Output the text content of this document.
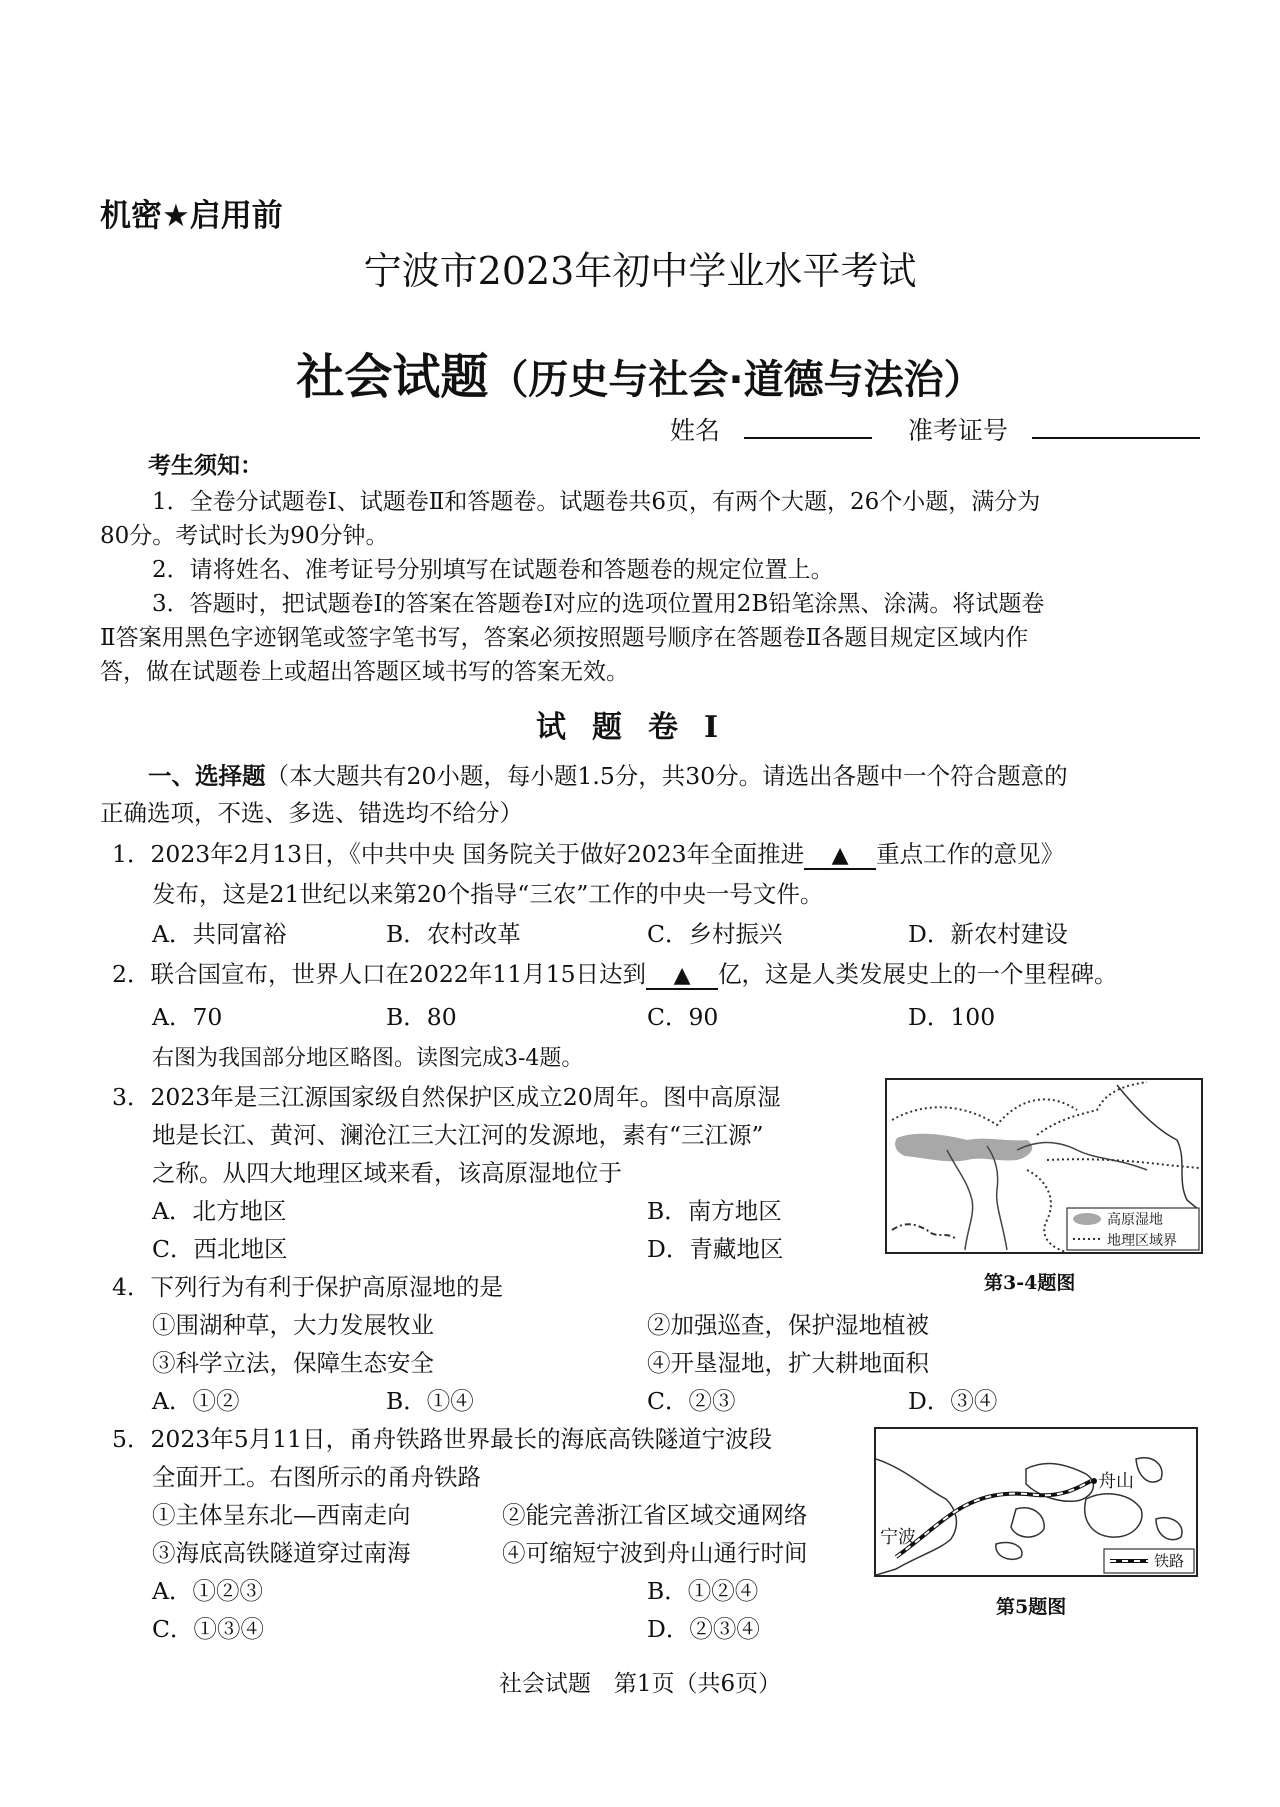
机密★启用前
宁波市2023年初中学业水平考试
社会试题（历史与社会·道德与法治）
姓名	准考证号
考生须知：
1．全卷分试题卷Ⅰ、试题卷Ⅱ和答题卷。试题卷共6页，有两个大题，26个小题，满分为
80分。考试时长为90分钟。
2．请将姓名、准考证号分别填写在试题卷和答题卷的规定位置上。
3．答题时，把试题卷Ⅰ的答案在答题卷Ⅰ对应的选项位置用2B铅笔涂黑、涂满。将试题卷
Ⅱ答案用黑色字迹钢笔或签字笔书写，答案必须按照题号顺序在答题卷Ⅱ各题目规定区域内作
答，做在试题卷上或超出答题区域书写的答案无效。
试题卷Ⅰ
一、选择题（本大题共有20小题，每小题1.5分，共30分。请选出各题中一个符合题意的
正确选项，不选、多选、错选均不给分）
1．2023年2月13日，《中共中央 国务院关于做好2023年全面推进 ▲ 重点工作的意见》
发布，这是21世纪以来第20个指导“三农”工作的中央一号文件。
A．共同富裕	B．农村改革	C．乡村振兴	D．新农村建设
2．联合国宣布，世界人口在2022年11月15日达到 ▲ 亿，这是人类发展史上的一个里程碑。
A．70	B．80	C．90	D．100
右图为我国部分地区略图。读图完成3-4题。
3．2023年是三江源国家级自然保护区成立20周年。图中高原湿
地是长江、黄河、澜沧江三大江河的发源地，素有“三江源”
之称。从四大地理区域来看，该高原湿地位于
A．北方地区	B．南方地区
C．西北地区	D．青藏地区
高原湿地
地理区域界
第3-4题图
4．下列行为有利于保护高原湿地的是
①围湖种草，大力发展牧业	②加强巡查，保护湿地植被
③科学立法，保障生态安全	④开垦湿地，扩大耕地面积
A．①②	B．①④	C．②③	D．③④
5．2023年5月11日，甬舟铁路世界最长的海底高铁隧道宁波段
全面开工。右图所示的甬舟铁路
①主体呈东北—西南走向	②能完善浙江省区域交通网络
③海底高铁隧道穿过南海	④可缩短宁波到舟山通行时间
A．①②③	B．①②④
C．①③④	D．②③④
舟山
宁波
铁路
第5题图
社会试题　第1页（共6页）
